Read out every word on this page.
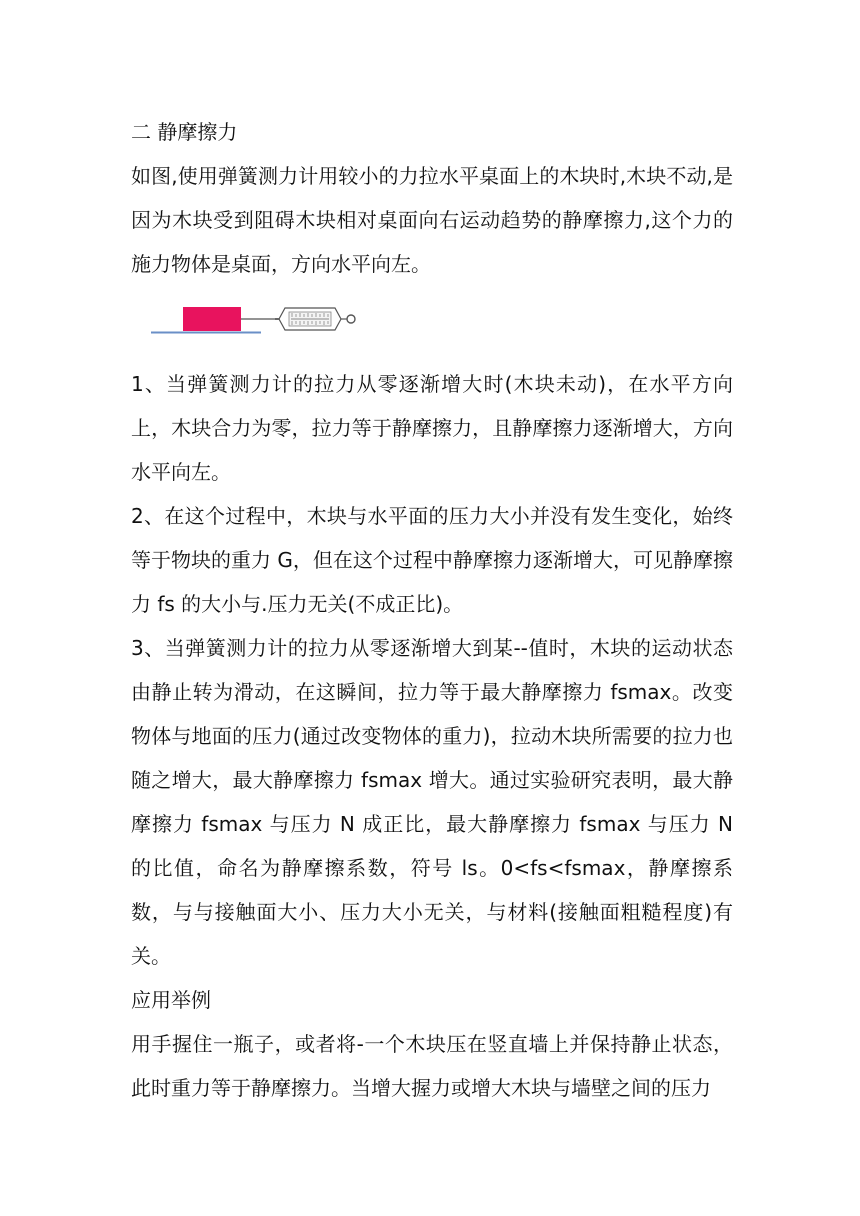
二 静摩擦力

如图,使用弹簧测力计用较小的力拉水平桌面上的木块时,木块不动,是因为木块受到阻碍木块相对桌面向右运动趋势的静摩擦力,这个力的施力物体是桌面，方向水平向左。

1、当弹簧测力计的拉力从零逐渐增大时(木块未动)，在水平方向上，木块合力为零，拉力等于静摩擦力，且静摩擦力逐渐增大，方向水平向左。

2、在这个过程中，木块与水平面的压力大小并没有发生变化，始终等于物块的重力 G，但在这个过程中静摩擦力逐渐增大，可见静摩擦力 fs 的大小与.压力无关(不成正比)。

3、当弹簧测力计的拉力从零逐渐增大到某--值时，木块的运动状态由静止转为滑动，在这瞬间，拉力等于最大静摩擦力 fsmax。改变物体与地面的压力(通过改变物体的重力)，拉动木块所需要的拉力也随之增大，最大静摩擦力 fsmax 增大。通过实验研究表明，最大静摩擦力 fsmax 与压力 N 成正比，最大静摩擦力 fsmax 与压力 N 的比值，命名为静摩擦系数，符号 ls。0<fs<fsmax，静摩擦系数，与与接触面大小、压力大小无关，与材料(接触面粗糙程度)有关。

应用举例

用手握住一瓶子，或者将-一个木块压在竖直墙上并保持静止状态，此时重力等于静摩擦力。当增大握力或增大木块与墙壁之间的压力
